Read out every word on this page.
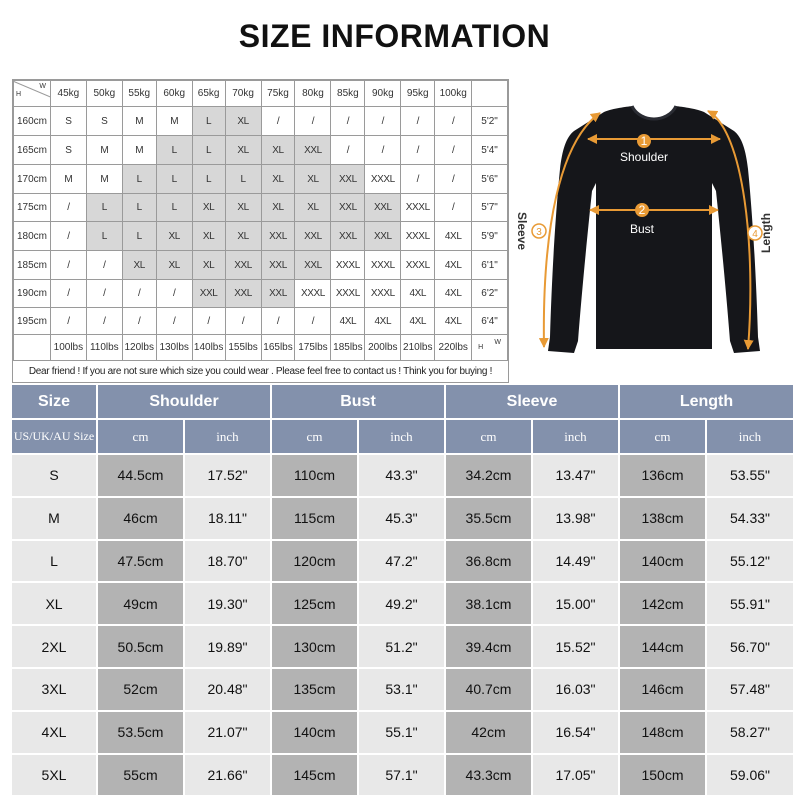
SIZE INFORMATION
H
W	45kg	50kg	55kg	60kg	65kg	70kg	75kg	80kg	85kg	90kg	95kg	100kg	
160cm	S	S	M	M	L	XL	/	/	/	/	/	/	5'2"
165cm	S	M	M	L	L	XL	XL	XXL	/	/	/	/	5'4"
170cm	M	M	L	L	L	L	XL	XL	XXL	XXXL	/	/	5'6"
175cm	/	L	L	L	XL	XL	XL	XL	XXL	XXL	XXXL	/	5'7"
180cm	/	L	L	XL	XL	XL	XXL	XXL	XXL	XXL	XXXL	4XL	5'9"
185cm	/	/	XL	XL	XL	XXL	XXL	XXL	XXXL	XXXL	XXXL	4XL	6'1"
190cm	/	/	/	/	XXL	XXL	XXL	XXXL	XXXL	XXXL	4XL	4XL	6'2"
195cm	/	/	/	/	/	/	/	/	4XL	4XL	4XL	4XL	6'4"
	100lbs	110lbs	120lbs	130lbs	140lbs	155lbs	165lbs	175lbs	185lbs	200lbs	210lbs	220lbs	H
W
Dear friend ! If you are not sure which size you could wear . Please feel free to contact us ! Think you for buying !
1
Shoulder
2
Bust
3
Sleeve	4 Length
Size	Shoulder		Bust		Sleeve		Length	
US/UK/AU Size	cm	inch	cm	inch	cm	inch	cm	inch
S	44.5cm	17.52"	110cm	43.3"	34.2cm	13.47"	136cm	53.55"
M	46cm	18.11"	115cm	45.3"	35.5cm	13.98"	138cm	54.33"
L	47.5cm	18.70"	120cm	47.2"	36.8cm	14.49"	140cm	55.12"
XL	49cm	19.30"	125cm	49.2"	38.1cm	15.00"	142cm	55.91"
2XL	50.5cm	19.89"	130cm	51.2"	39.4cm	15.52"	144cm	56.70"
3XL	52cm	20.48"	135cm	53.1"	40.7cm	16.03"	146cm	57.48"
4XL	53.5cm	21.07"	140cm	55.1"	42cm	16.54"	148cm	58.27"
5XL	55cm	21.66"	145cm	57.1"	43.3cm	17.05"	150cm	59.06"
